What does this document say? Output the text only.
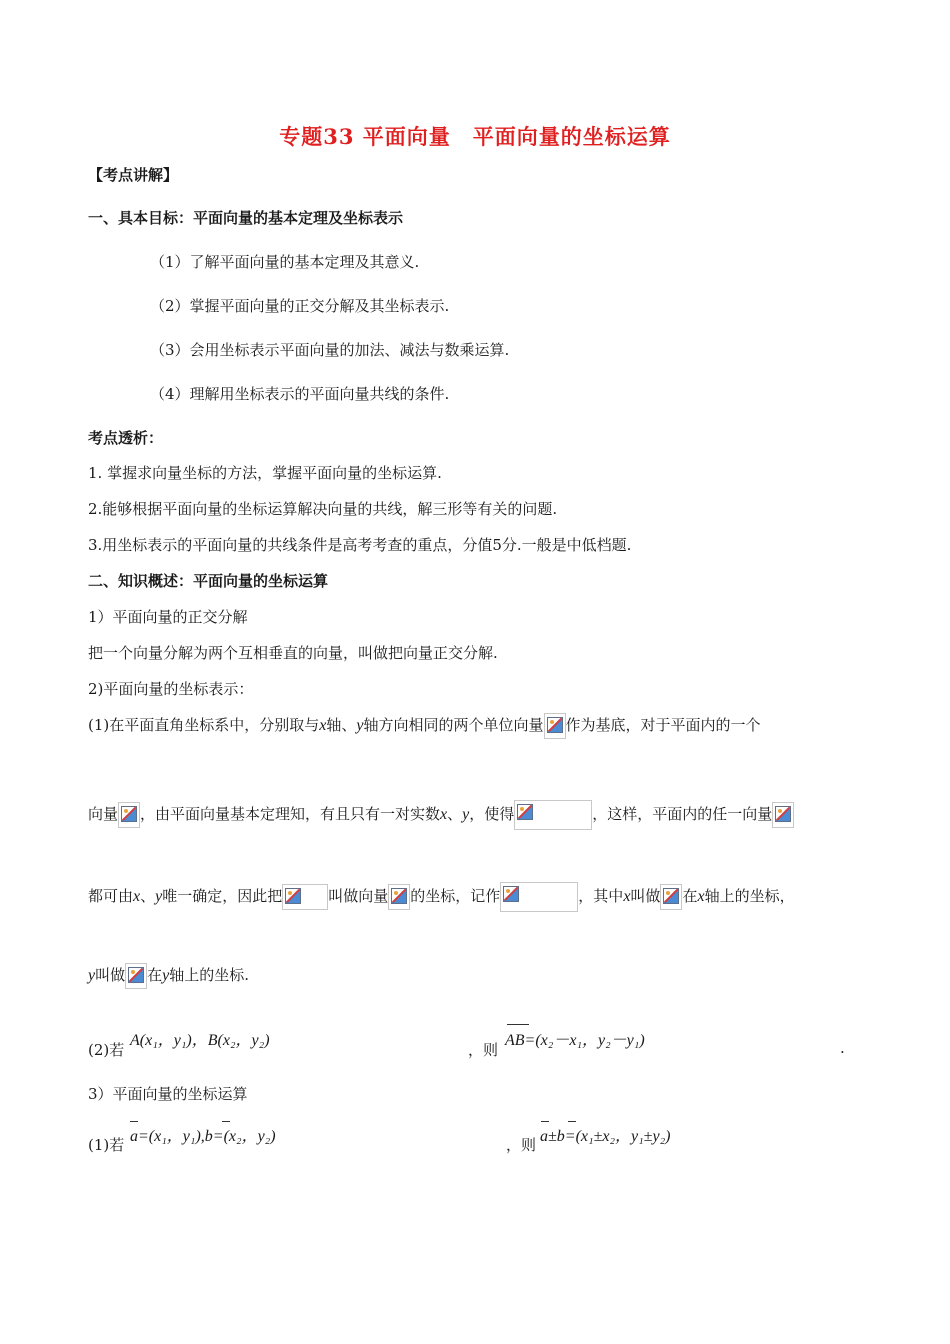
专题33 平面向量　平面向量的坐标运算
【考点讲解】
一、具本目标：平面向量的基本定理及坐标表示
（1）了解平面向量的基本定理及其意义.
（2）掌握平面向量的正交分解及其坐标表示.
（3）会用坐标表示平面向量的加法、减法与数乘运算.
（4）理解用坐标表示的平面向量共线的条件.
考点透析：
1. 掌握求向量坐标的方法，掌握平面向量的坐标运算.
2.能够根据平面向量的坐标运算解决向量的共线，解三形等有关的问题.
3.用坐标表示的平面向量的共线条件是高考考查的重点，分值5分.一般是中低档题.
二、知识概述：平面向量的坐标运算
1）平面向量的正交分解
把一个向量分解为两个互相垂直的向量，叫做把向量正交分解.
2)平面向量的坐标表示：
(1)在平面直角坐标系中，分别取与x轴、y轴方向相同的两个单位向量 作为基底，对于平面内的一个
向量 ，由平面向量基本定理知，有且只有一对实数x、y，使得	，这样，平面内的任一向量
都可由x、y唯一确定，因此把	叫做向量 的坐标，记作	，其中x叫做 在x轴上的坐标，
y叫做 在y轴上的坐标.
(2)若
A(x₁，y₁)，B(x₂，y₂)
，则
AB=(x₂－x₁，y₂－y₁)	.
3）平面向量的坐标运算
(1)若 a=(x₁，y₁),b=(x₂，y₂)	，则 a±b=(x₁±x₂，y₁±y₂)
